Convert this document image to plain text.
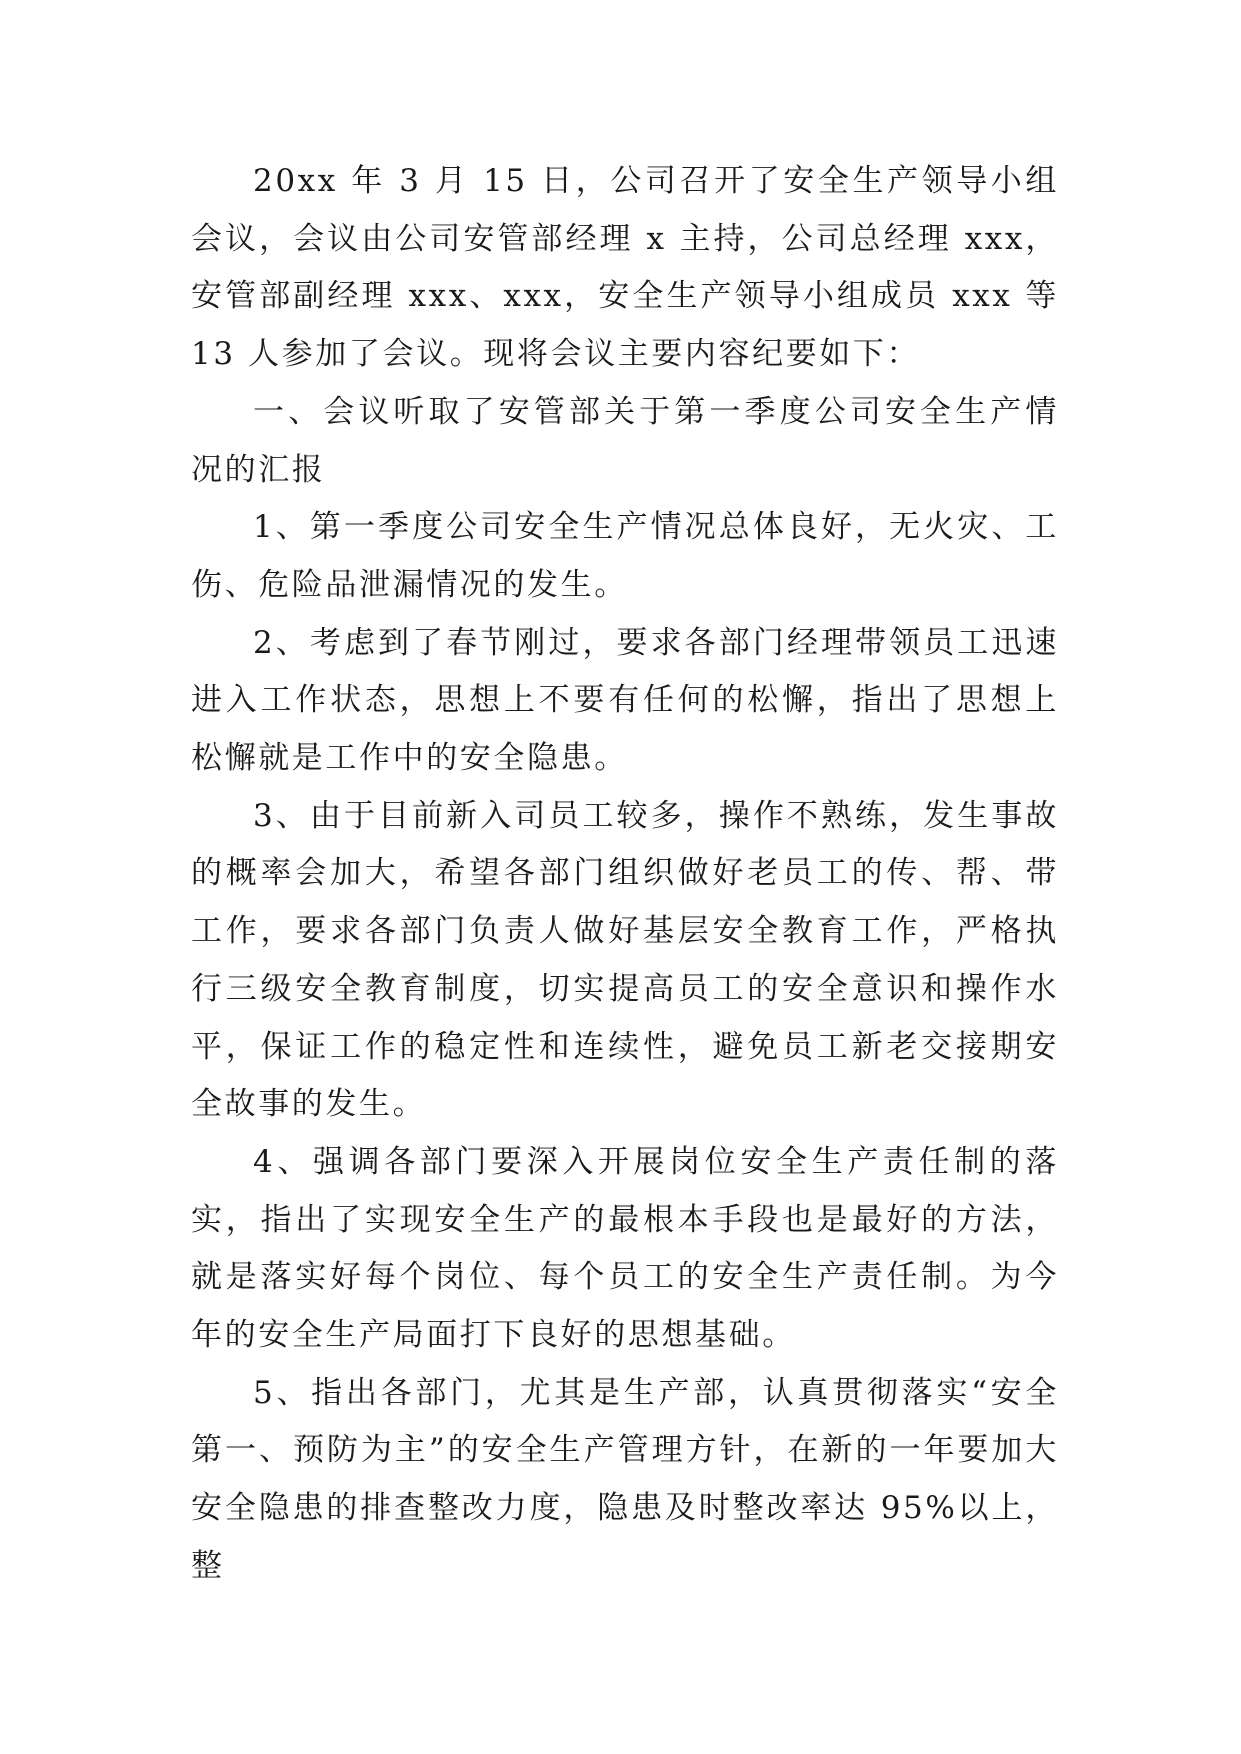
20xx 年 3 月 15 日，公司召开了安全生产领导小组会议，会议由公司安管部经理 x 主持，公司总经理 xxx，安管部副经理 xxx、xxx，安全生产领导小组成员 xxx 等 13 人参加了会议。现将会议主要内容纪要如下：

一、会议听取了安管部关于第一季度公司安全生产情况的汇报

1、第一季度公司安全生产情况总体良好，无火灾、工伤、危险品泄漏情况的发生。

2、考虑到了春节刚过，要求各部门经理带领员工迅速进入工作状态，思想上不要有任何的松懈，指出了思想上松懈就是工作中的安全隐患。

3、由于目前新入司员工较多，操作不熟练，发生事故的概率会加大，希望各部门组织做好老员工的传、帮、带工作，要求各部门负责人做好基层安全教育工作，严格执行三级安全教育制度，切实提高员工的安全意识和操作水平，保证工作的稳定性和连续性，避免员工新老交接期安全故事的发生。

4、强调各部门要深入开展岗位安全生产责任制的落实，指出了实现安全生产的最根本手段也是最好的方法，就是落实好每个岗位、每个员工的安全生产责任制。为今年的安全生产局面打下良好的思想基础。

5、指出各部门，尤其是生产部，认真贯彻落实“安全第一、预防为主”的安全生产管理方针，在新的一年要加大安全隐患的排查整改力度，隐患及时整改率达 95%以上，整
